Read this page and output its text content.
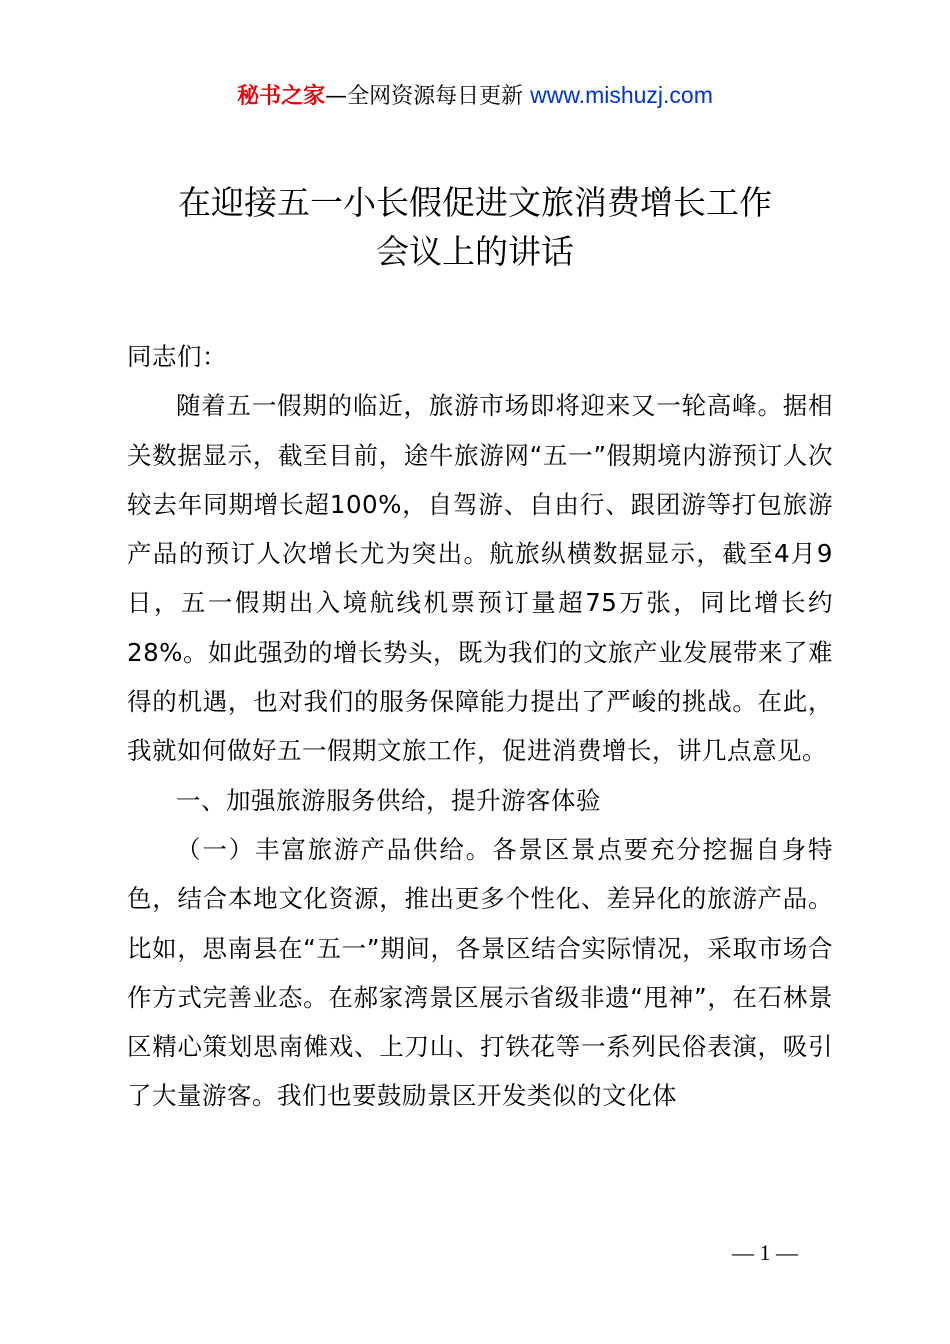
秘书之家—全网资源每日更新 www.mishuzj.com
在迎接五一小长假促进文旅消费增长工作
会议上的讲话

同志们：

随着五一假期的临近，旅游市场即将迎来又一轮高峰。据相关数据显示，截至目前，途牛旅游网“五一”假期境内游预订人次较去年同期增长超100%，自驾游、自由行、跟团游等打包旅游产品的预订人次增长尤为突出。航旅纵横数据显示，截至4月9日，五一假期出入境航线机票预订量超75万张，同比增长约28%。如此强劲的增长势头，既为我们的文旅产业发展带来了难得的机遇，也对我们的服务保障能力提出了严峻的挑战。在此，我就如何做好五一假期文旅工作，促进消费增长，讲几点意见。

一、加强旅游服务供给，提升游客体验

（一）丰富旅游产品供给。各景区景点要充分挖掘自身特色，结合本地文化资源，推出更多个性化、差异化的旅游产品。比如，思南县在“五一”期间，各景区结合实际情况，采取市场合作方式完善业态。在郝家湾景区展示省级非遗“甩神”，在石林景区精心策划思南傩戏、上刀山、打铁花等一系列民俗表演，吸引了大量游客。我们也要鼓励景区开发类似的文化体

— 1 —
